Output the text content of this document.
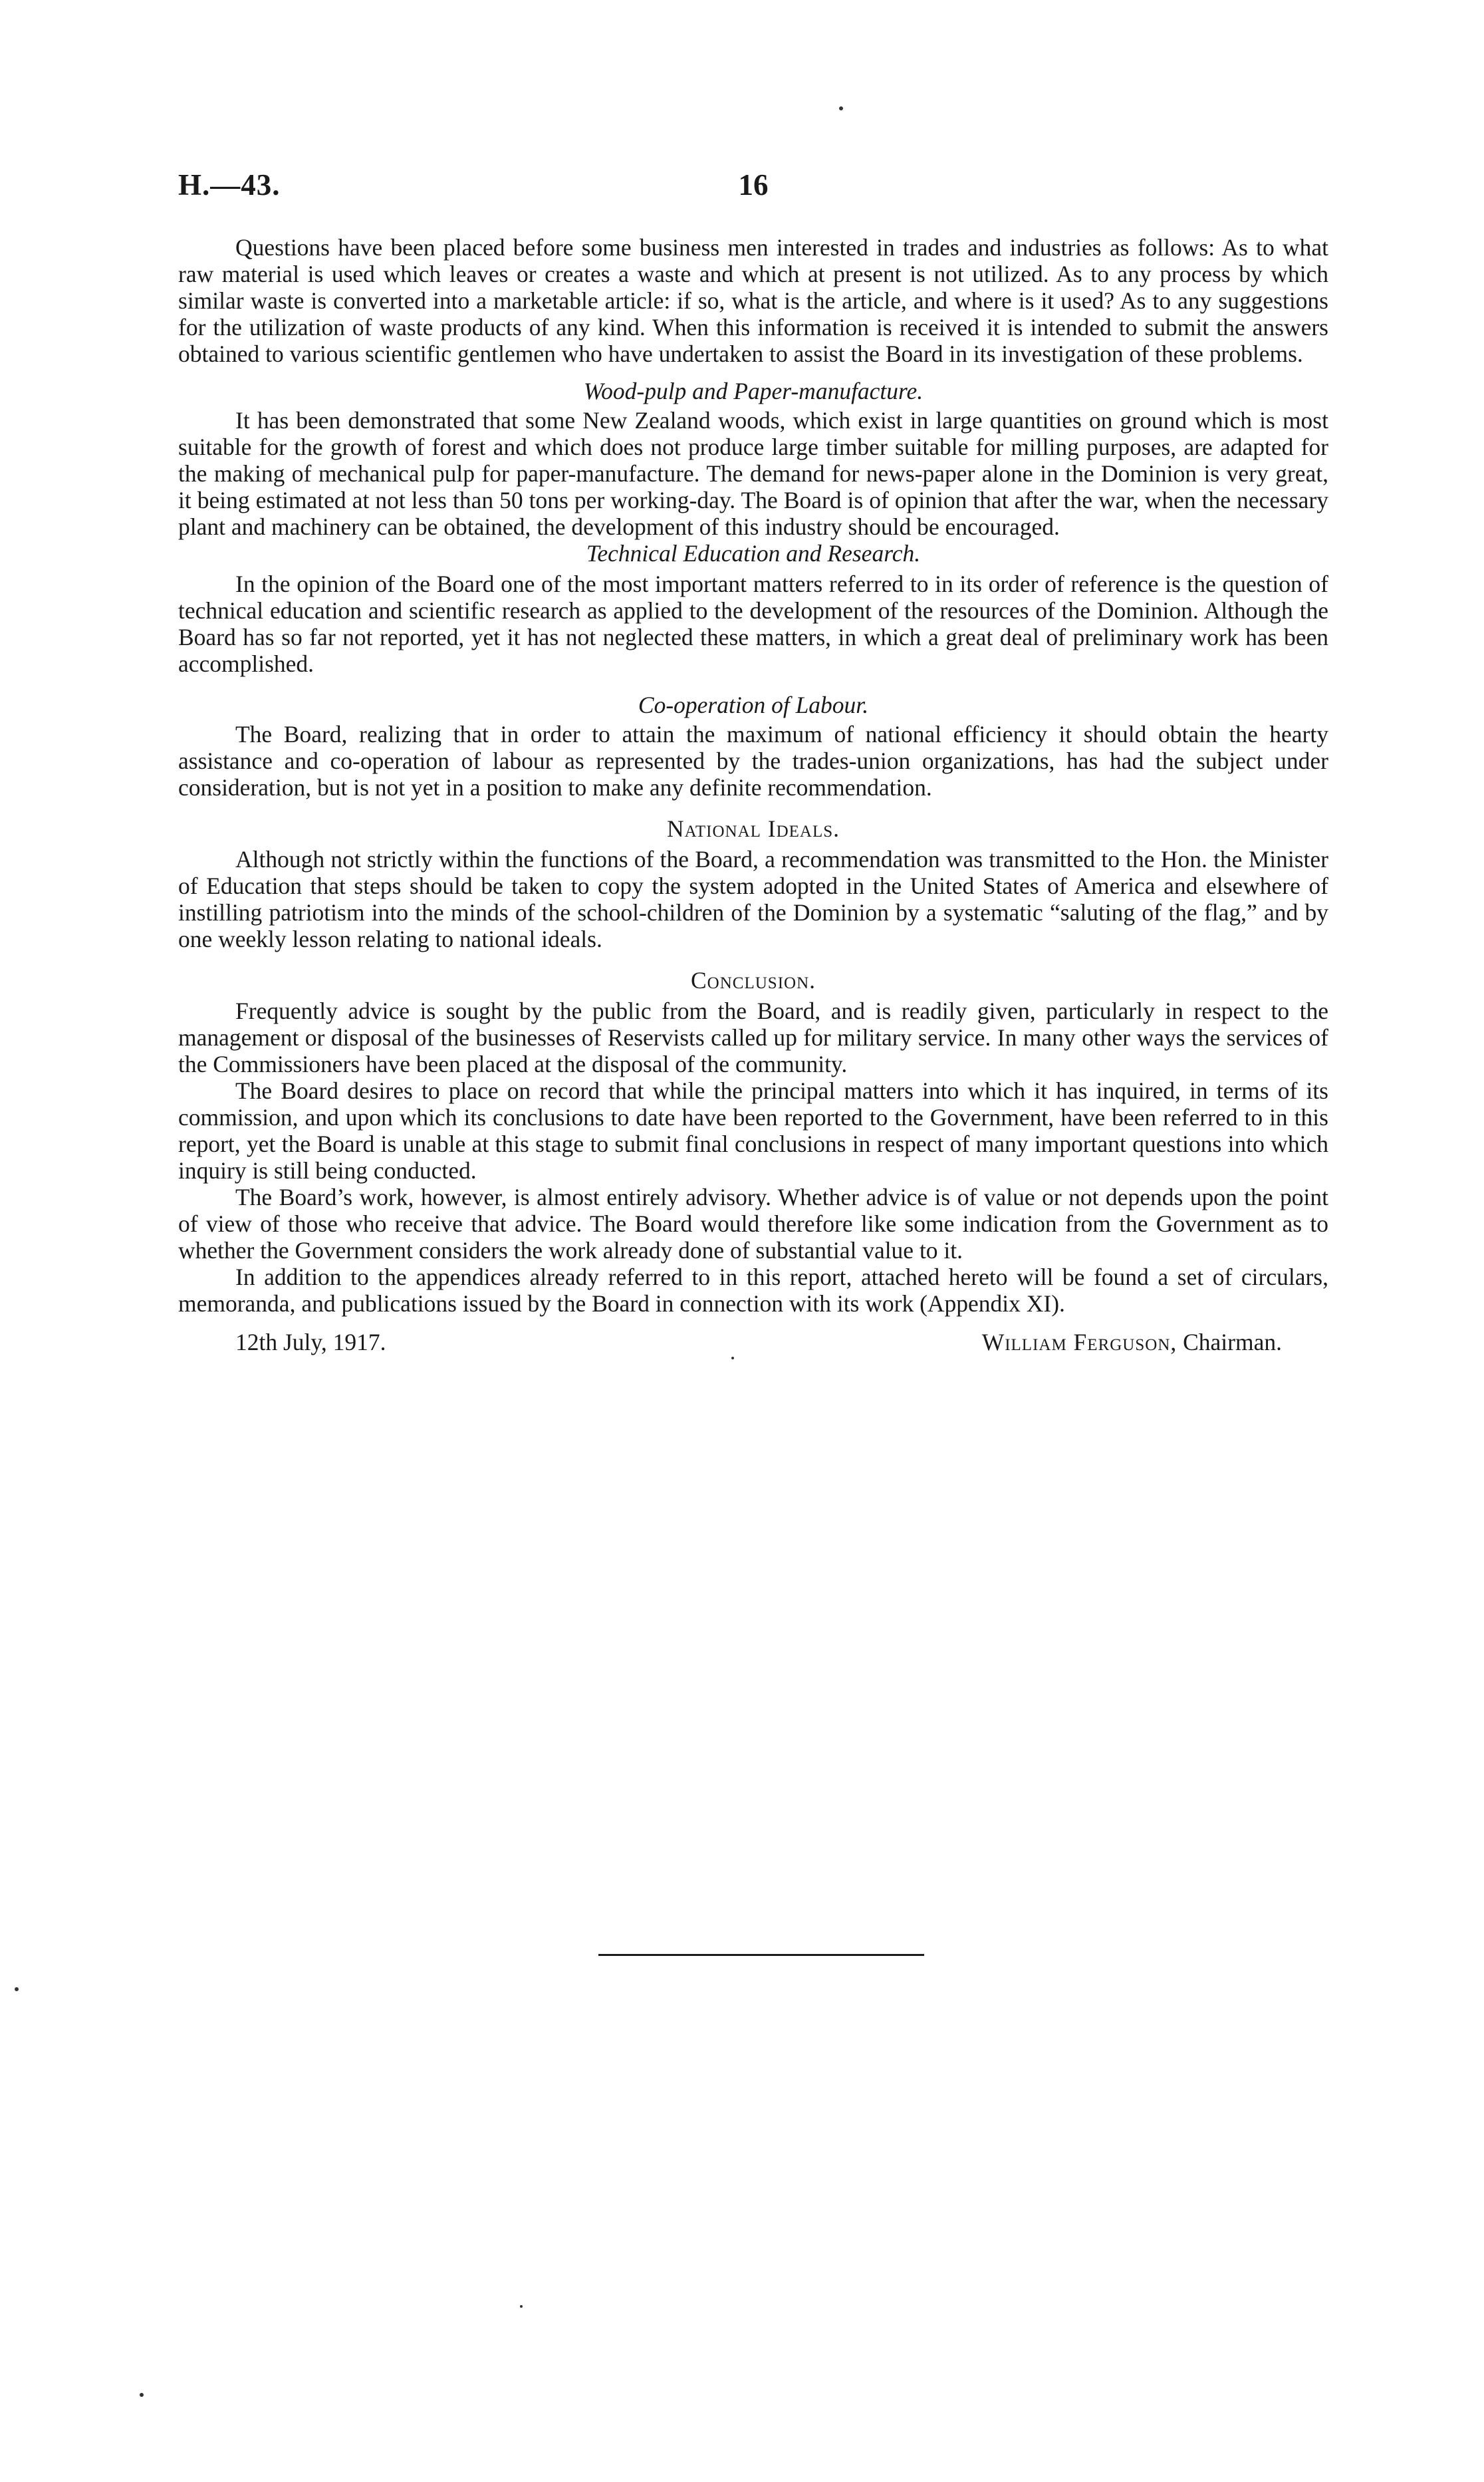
H.—43.	16

Questions have been placed before some business men interested in trades and industries as follows: As to what raw material is used which leaves or creates a waste and which at present is not utilized. As to any process by which similar waste is converted into a marketable article: if so, what is the article, and where is it used? As to any suggestions for the utilization of waste products of any kind. When this information is received it is intended to submit the answers obtained to various scientific gentlemen who have undertaken to assist the Board in its investigation of these problems.

Wood-pulp and Paper-manufacture.

It has been demonstrated that some New Zealand woods, which exist in large quantities on ground which is most suitable for the growth of forest and which does not produce large timber suitable for milling purposes, are adapted for the making of mechanical pulp for paper-manufacture. The demand for news-paper alone in the Dominion is very great, it being estimated at not less than 50 tons per working-day. The Board is of opinion that after the war, when the necessary plant and machinery can be obtained, the development of this industry should be encouraged.

Technical Education and Research.

In the opinion of the Board one of the most important matters referred to in its order of reference is the question of technical education and scientific research as applied to the development of the resources of the Dominion. Although the Board has so far not reported, yet it has not neglected these matters, in which a great deal of preliminary work has been accomplished.

Co-operation of Labour.

The Board, realizing that in order to attain the maximum of national efficiency it should obtain the hearty assistance and co-operation of labour as represented by the trades-union organizations, has had the subject under consideration, but is not yet in a position to make any definite recommendation.

National Ideals.

Although not strictly within the functions of the Board, a recommendation was transmitted to the Hon. the Minister of Education that steps should be taken to copy the system adopted in the United States of America and elsewhere of instilling patriotism into the minds of the school-children of the Dominion by a systematic “saluting of the flag,” and by one weekly lesson relating to national ideals.

Conclusion.

Frequently advice is sought by the public from the Board, and is readily given, particularly in respect to the management or disposal of the businesses of Reservists called up for military service. In many other ways the services of the Commissioners have been placed at the disposal of the community.

The Board desires to place on record that while the principal matters into which it has inquired, in terms of its commission, and upon which its conclusions to date have been reported to the Government, have been referred to in this report, yet the Board is unable at this stage to submit final conclusions in respect of many important questions into which inquiry is still being conducted.

The Board’s work, however, is almost entirely advisory. Whether advice is of value or not depends upon the point of view of those who receive that advice. The Board would therefore like some indication from the Government as to whether the Government considers the work already done of substantial value to it.

In addition to the appendices already referred to in this report, attached hereto will be found a set of circulars, memoranda, and publications issued by the Board in connection with its work (Appendix XI).

12th July, 1917.	William Ferguson, Chairman.
